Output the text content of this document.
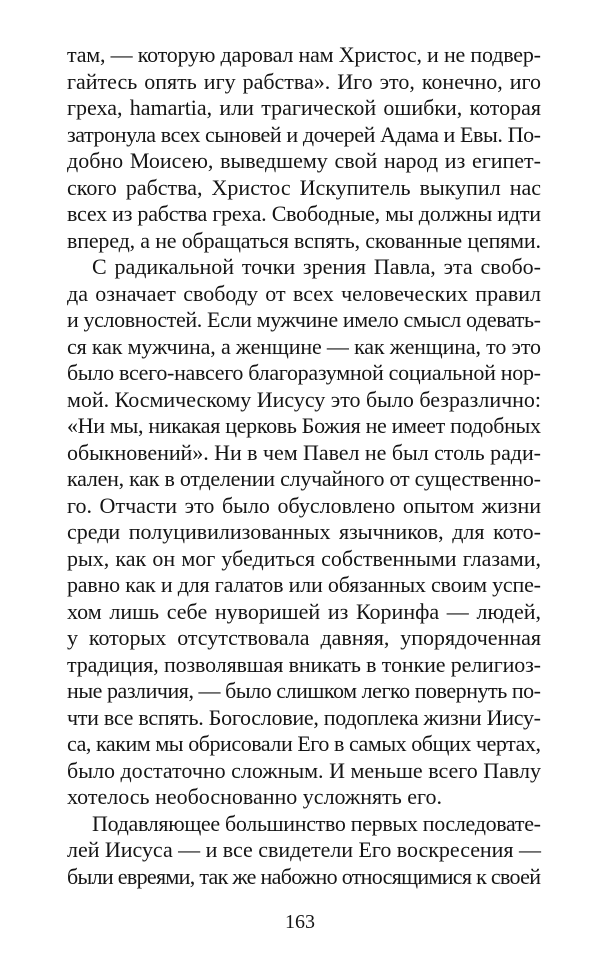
там, — которую даровал нам Христос, и не подвер-
гайтесь опять игу рабства». Иго это, конечно, иго
греха, hamartia, или трагической ошибки, которая
затронула всех сыновей и дочерей Адама и Евы. По-
добно Моисею, выведшему свой народ из египет-
ского рабства, Христос Искупитель выкупил нас
всех из рабства греха. Свободные, мы должны идти
вперед, а не обращаться вспять, скованные цепями.
С радикальной точки зрения Павла, эта свобо-
да означает свободу от всех человеческих правил
и условностей. Если мужчине имело смысл одевать-
ся как мужчина, а женщине — как женщина, то это
было всего-навсего благоразумной социальной нор-
мой. Космическому Иисусу это было безразлично:
«Ни мы, никакая церковь Божия не имеет подобных
обыкновений». Ни в чем Павел не был столь ради-
кален, как в отделении случайного от существенно-
го. Отчасти это было обусловлено опытом жизни
среди полуцивилизованных язычников, для кото-
рых, как он мог убедиться собственными глазами,
равно как и для галатов или обязанных своим успе-
хом лишь себе нуворишей из Коринфа — людей,
у которых отсутствовала давняя, упорядоченная
традиция, позволявшая вникать в тонкие религиоз-
ные различия, — было слишком легко повернуть по-
чти все вспять. Богословие, подоплека жизни Иису-
са, каким мы обрисовали Его в самых общих чертах,
было достаточно сложным. И меньше всего Павлу
хотелось необоснованно усложнять его.
Подавляющее большинство первых последовате-
лей Иисуса — и все свидетели Его воскресения —
были евреями, так же набожно относящимися к своей
163
